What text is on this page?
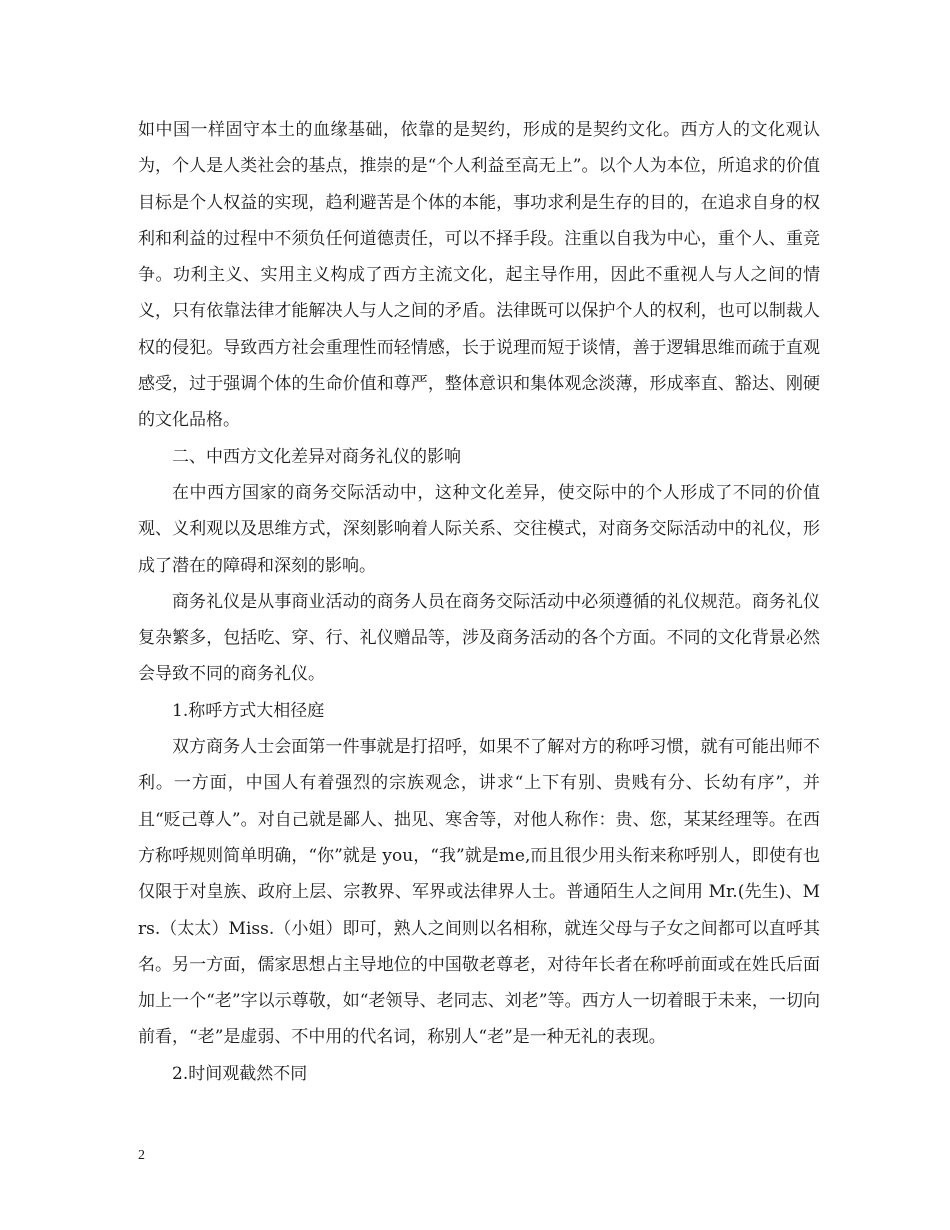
如中国一样固守本土的血缘基础，依靠的是契约，形成的是契约文化。西方人的文化观认为，个人是人类社会的基点，推崇的是“个人利益至高无上”。以个人为本位，所追求的价值目标是个人权益的实现，趋利避苦是个体的本能，事功求利是生存的目的，在追求自身的权利和利益的过程中不须负任何道德责任，可以不择手段。注重以自我为中心，重个人、重竞争。功利主义、实用主义构成了西方主流文化，起主导作用，因此不重视人与人之间的情义，只有依靠法律才能解决人与人之间的矛盾。法律既可以保护个人的权利，也可以制裁人权的侵犯。导致西方社会重理性而轻情感，长于说理而短于谈情，善于逻辑思维而疏于直观感受，过于强调个体的生命价值和尊严，整体意识和集体观念淡薄，形成率直、豁达、刚硬的文化品格。

二、中西方文化差异对商务礼仪的影响

在中西方国家的商务交际活动中，这种文化差异，使交际中的个人形成了不同的价值观、义利观以及思维方式，深刻影响着人际关系、交往模式，对商务交际活动中的礼仪，形成了潜在的障碍和深刻的影响。

商务礼仪是从事商业活动的商务人员在商务交际活动中必须遵循的礼仪规范。商务礼仪复杂繁多，包括吃、穿、行、礼仪赠品等，涉及商务活动的各个方面。不同的文化背景必然会导致不同的商务礼仪。

1.称呼方式大相径庭

双方商务人士会面第一件事就是打招呼，如果不了解对方的称呼习惯，就有可能出师不利。一方面，中国人有着强烈的宗族观念，讲求“上下有别、贵贱有分、长幼有序”，并且“贬己尊人”。对自己就是鄙人、拙见、寒舍等，对他人称作：贵、您，某某经理等。在西方称呼规则简单明确，“你”就是 you，“我”就是me,而且很少用头衔来称呼别人，即使有也仅限于对皇族、政府上层、宗教界、军界或法律界人士。普通陌生人之间用 Mr.(先生)、Mrs.（太太）Miss.（小姐）即可，熟人之间则以名相称，就连父母与子女之间都可以直呼其名。另一方面，儒家思想占主导地位的中国敬老尊老，对待年长者在称呼前面或在姓氏后面加上一个“老”字以示尊敬，如“老领导、老同志、刘老”等。西方人一切着眼于未来，一切向前看，“老”是虚弱、不中用的代名词，称别人“老”是一种无礼的表现。

2.时间观截然不同

2
